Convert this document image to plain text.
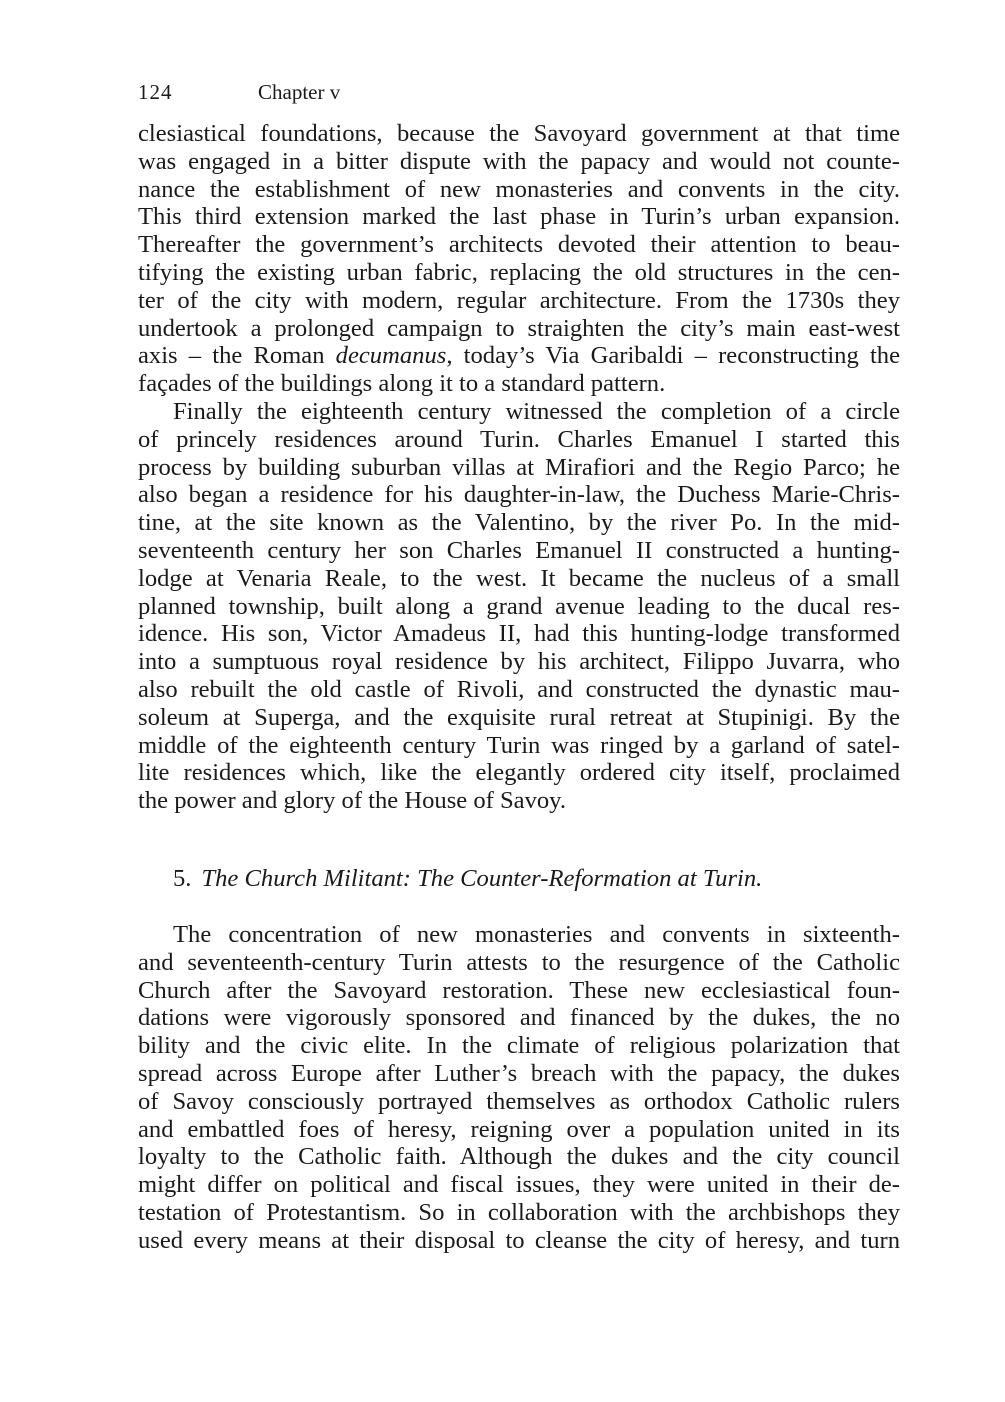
124	Chapter v
clesiastical foundations, because the Savoyard government at that time
was engaged in a bitter dispute with the papacy and would not counte-
nance the establishment of new monasteries and convents in the city.
This third extension marked the last phase in Turin’s urban expansion.
Thereafter the government’s architects devoted their attention to beau-
tifying the existing urban fabric, replacing the old structures in the cen-
ter of the city with modern, regular architecture. From the 1730s they
undertook a prolonged campaign to straighten the city’s main east-west
axis – the Roman decumanus, today’s Via Garibaldi – reconstructing the
façades of the buildings along it to a standard pattern.
Finally the eighteenth century witnessed the completion of a circle
of princely residences around Turin. Charles Emanuel I started this
process by building suburban villas at Mirafiori and the Regio Parco; he
also began a residence for his daughter-in-law, the Duchess Marie-Chris-
tine, at the site known as the Valentino, by the river Po. In the mid-
seventeenth century her son Charles Emanuel II constructed a hunting-
lodge at Venaria Reale, to the west. It became the nucleus of a small
planned township, built along a grand avenue leading to the ducal res-
idence. His son, Victor Amadeus II, had this hunting-lodge transformed
into a sumptuous royal residence by his architect, Filippo Juvarra, who
also rebuilt the old castle of Rivoli, and constructed the dynastic mau-
soleum at Superga, and the exquisite rural retreat at Stupinigi. By the
middle of the eighteenth century Turin was ringed by a garland of satel-
lite residences which, like the elegantly ordered city itself, proclaimed
the power and glory of the House of Savoy.
5. The Church Militant: The Counter-Reformation at Turin.
The concentration of new monasteries and convents in sixteenth-
and seventeenth-century Turin attests to the resurgence of the Catholic
Church after the Savoyard restoration. These new ecclesiastical foun-
dations were vigorously sponsored and financed by the dukes, the no
bility and the civic elite. In the climate of religious polarization that
spread across Europe after Luther’s breach with the papacy, the dukes
of Savoy consciously portrayed themselves as orthodox Catholic rulers
and embattled foes of heresy, reigning over a population united in its
loyalty to the Catholic faith. Although the dukes and the city council
might differ on political and fiscal issues, they were united in their de-
testation of Protestantism. So in collaboration with the archbishops they
used every means at their disposal to cleanse the city of heresy, and turn
